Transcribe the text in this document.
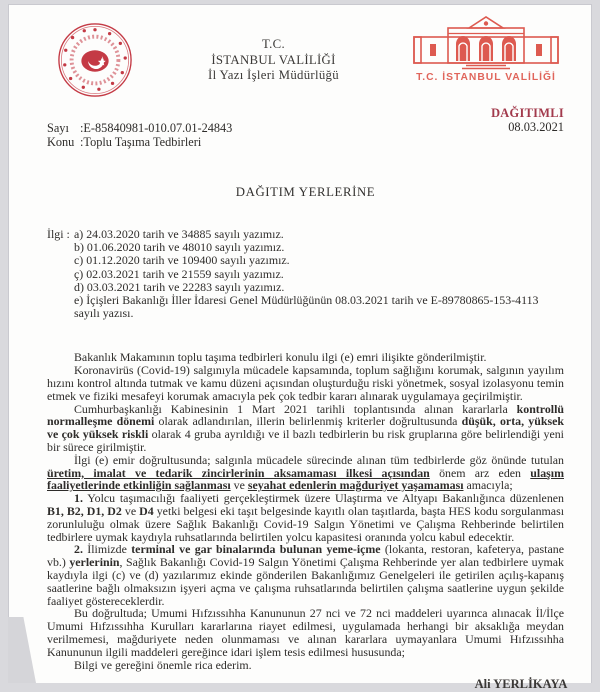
T.C.
İSTANBUL VALİLİĞİ
İl Yazı İşleri Müdürlüğü	T.C. İSTANBUL VALİLİĞİ
Sayı :E-85840981-010.07.01-24843
Konu :Toplu Taşıma Tedbirleri
DAĞITIMLI
08.03.2021
DAĞITIM YERLERİNE
İlgi : a) 24.03.2020 tarih ve 34885 sayılı yazımız.
b) 01.06.2020 tarih ve 48010 sayılı yazımız.
c) 01.12.2020 tarih ve 109400 sayılı yazımız.
ç) 02.03.2021 tarih ve 21559 sayılı yazımız.
d) 03.03.2021 tarih ve 22283 sayılı yazımız.
e) İçişleri Bakanlığı İller İdaresi Genel Müdürlüğünün 08.03.2021 tarih ve E-89780865-153-4113 sayılı yazısı.

Bakanlık Makamının toplu taşıma tedbirleri konulu ilgi (e) emri ilişikte gönderilmiştir.

Koronavirüs (Covid-19) salgınıyla mücadele kapsamında, toplum sağlığını korumak, salgının yayılım hızını kontrol altında tutmak ve kamu düzeni açısından oluşturduğu riski yönetmek, sosyal izolasyonu temin etmek ve fiziki mesafeyi korumak amacıyla pek çok tedbir kararı alınarak uygulamaya geçirilmiştir.

Cumhurbaşkanlığı Kabinesinin 1 Mart 2021 tarihli toplantısında alınan kararlarla kontrollü normalleşme dönemi olarak adlandırılan, illerin belirlenmiş kriterler doğrultusunda düşük, orta, yüksek ve çok yüksek riskli olarak 4 gruba ayrıldığı ve il bazlı tedbirlerin bu risk gruplarına göre belirlendiği yeni bir sürece girilmiştir.

İlgi (e) emir doğrultusunda; salgınla mücadele sürecinde alınan tüm tedbirlerde göz önünde tutulan üretim, imalat ve tedarik zincirlerinin aksamaması ilkesi açısından önem arz eden ulaşım faaliyetlerinde etkinliğin sağlanması ve seyahat edenlerin mağduriyet yaşamaması amacıyla;

1. Yolcu taşımacılığı faaliyeti gerçekleştirmek üzere Ulaştırma ve Altyapı Bakanlığınca düzenlenen B1, B2, D1, D2 ve D4 yetki belgesi eki taşıt belgesinde kayıtlı olan taşıtlarda, başta HES kodu sorgulanması zorunluluğu olmak üzere Sağlık Bakanlığı Covid-19 Salgın Yönetimi ve Çalışma Rehberinde belirtilen tedbirlere uymak kaydıyla ruhsatlarında belirtilen yolcu kapasitesi oranında yolcu kabul edecektir.

2. İlimizde terminal ve gar binalarında bulunan yeme-içme (lokanta, restoran, kafeterya, pastane vb.) yerlerinin, Sağlık Bakanlığı Covid-19 Salgın Yönetimi Çalışma Rehberinde yer alan tedbirlere uymak kaydıyla ilgi (c) ve (d) yazılarımız ekinde gönderilen Bakanlığımız Genelgeleri ile getirilen açılış-kapanış saatlerine bağlı olmaksızın işyeri açma ve çalışma ruhsatlarında belirtilen çalışma saatlerine uygun şekilde faaliyet göstereceklerdir.

Bu doğrultuda; Umumi Hıfzıssıhha Kanununun 27 nci ve 72 nci maddeleri uyarınca alınacak İl/İlçe Umumi Hıfzıssıhha Kurulları kararlarına riayet edilmesi, uygulamada herhangi bir aksaklığa meydan verilmemesi, mağduriyete neden olunmaması ve alınan kararlara uymayanlara Umumi Hıfzıssıhha Kanununun ilgili maddeleri gereğince idari işlem tesis edilmesi hususunda;

Bilgi ve gereğini önemle rica ederim.

Ali YERLİKAYA
